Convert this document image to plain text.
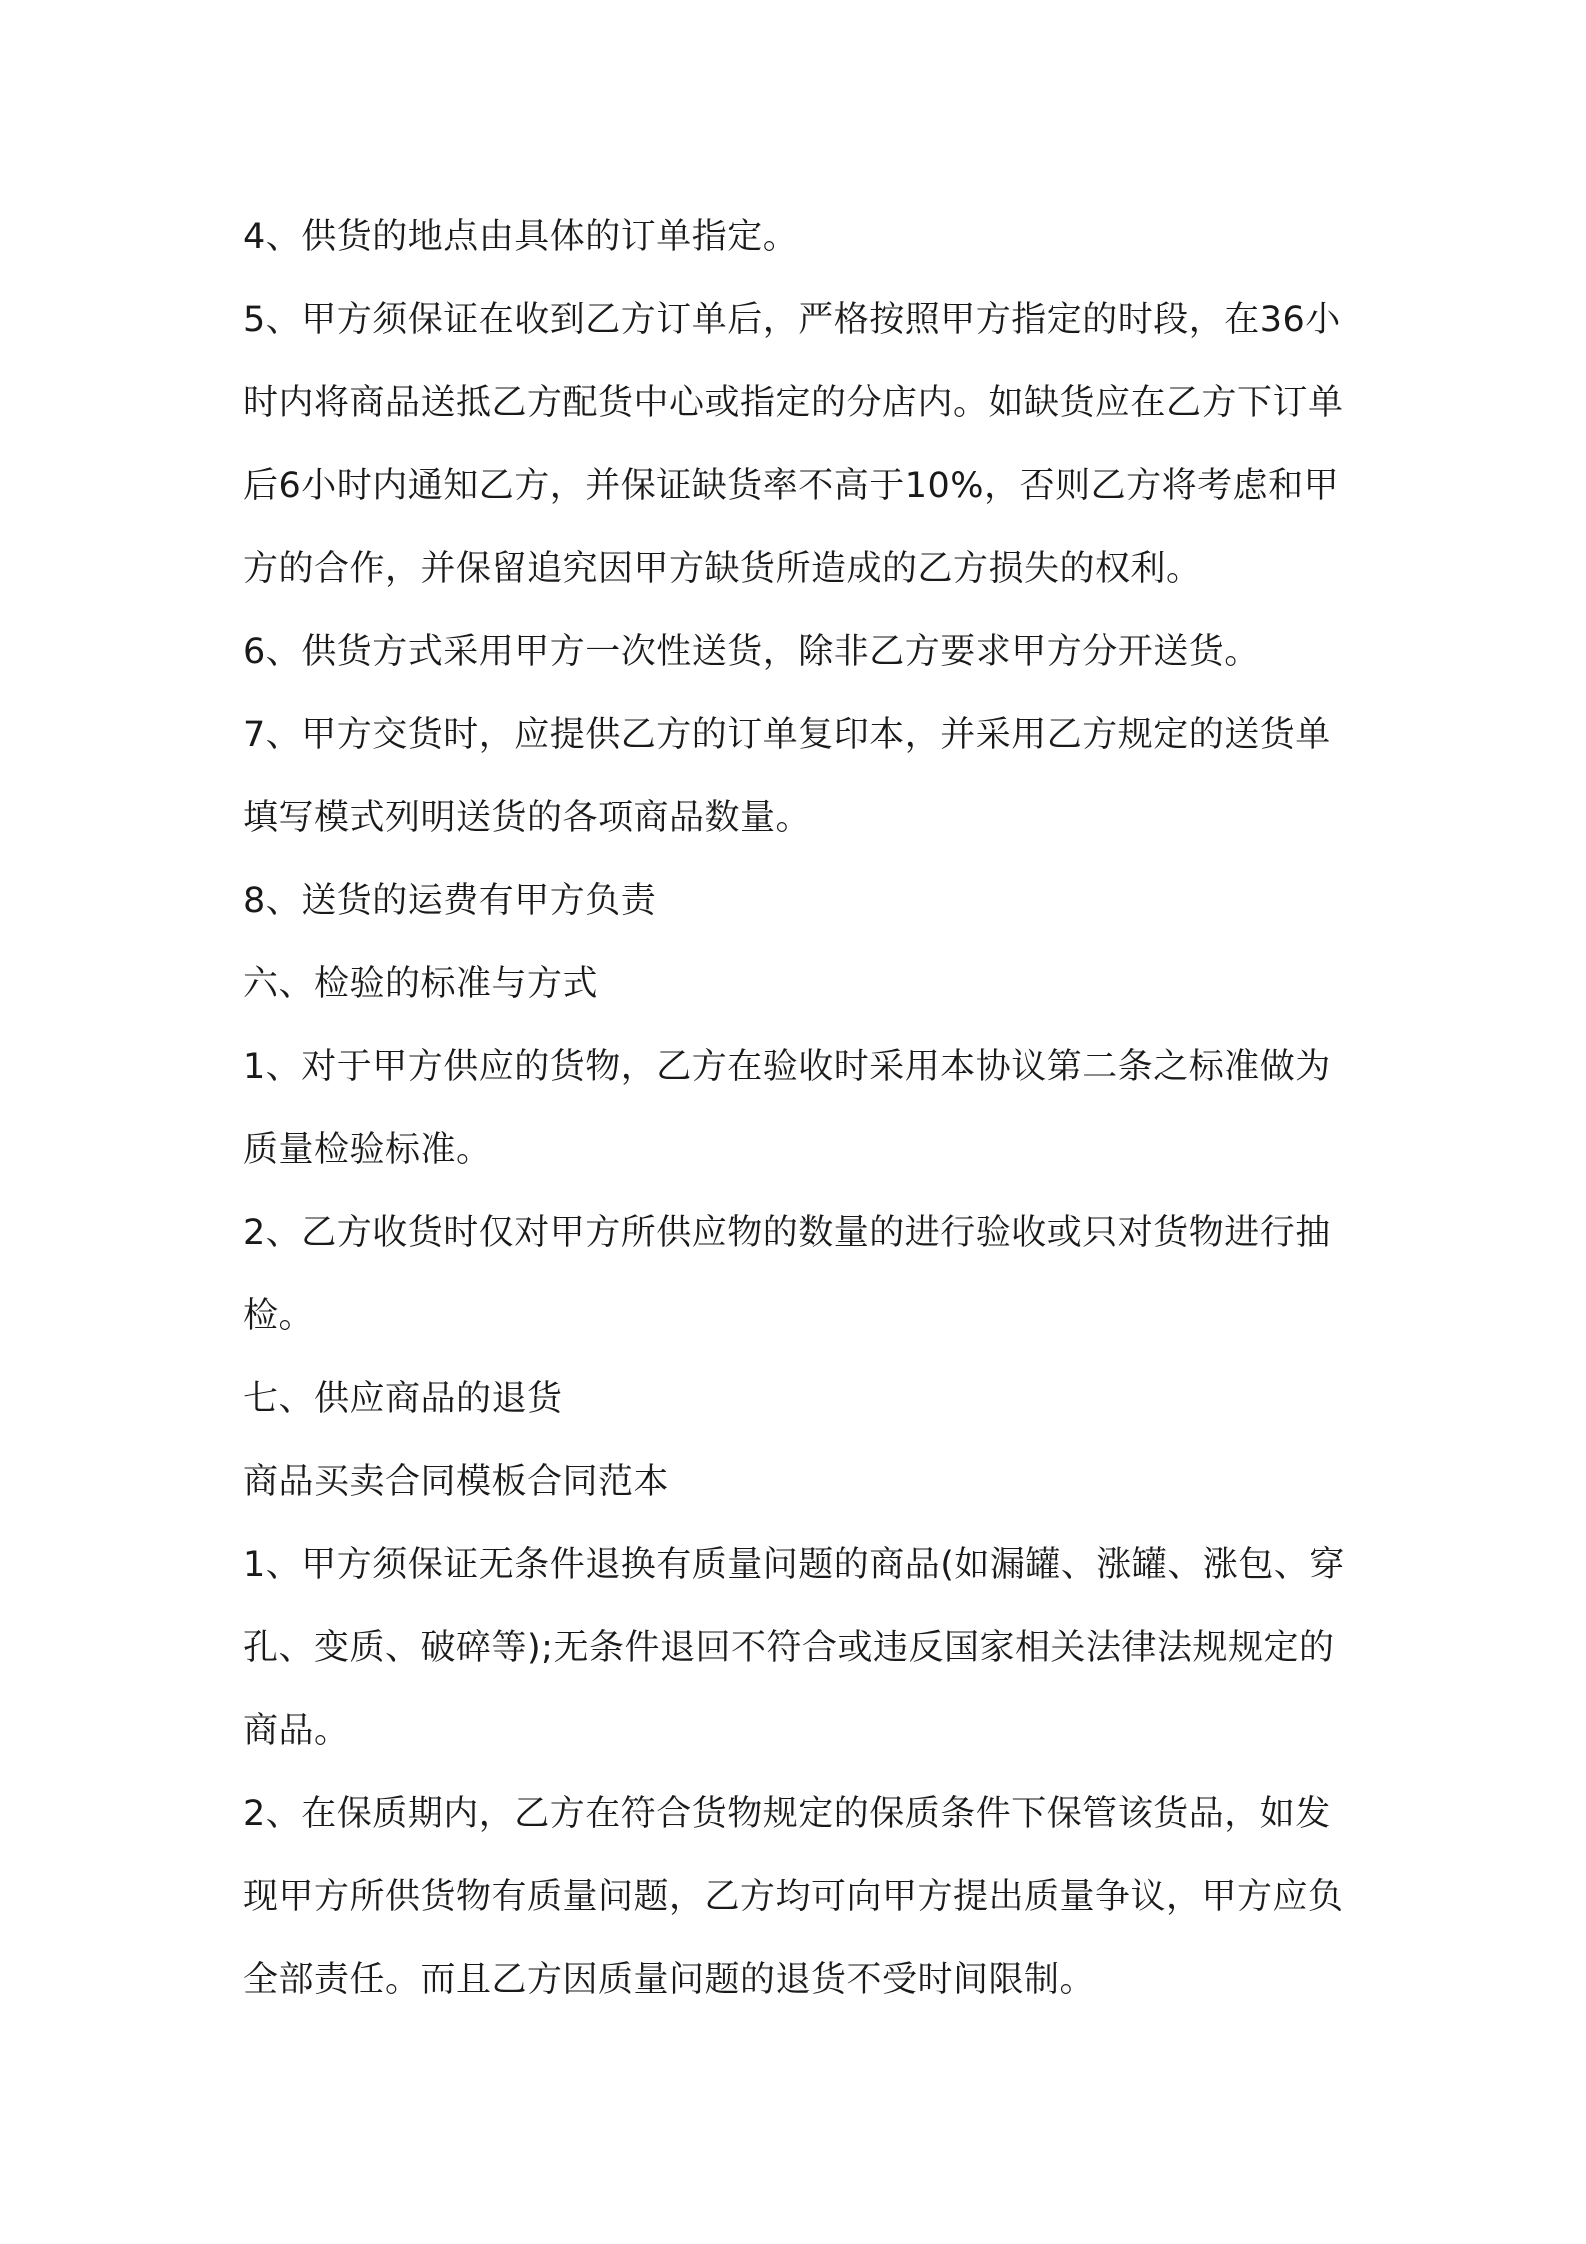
4、供货的地点由具体的订单指定。

5、甲方须保证在收到乙方订单后，严格按照甲方指定的时段，在36小时内将商品送抵乙方配货中心或指定的分店内。如缺货应在乙方下订单后6小时内通知乙方，并保证缺货率不高于10%，否则乙方将考虑和甲方的合作，并保留追究因甲方缺货所造成的乙方损失的权利。

6、供货方式采用甲方一次性送货，除非乙方要求甲方分开送货。

7、甲方交货时，应提供乙方的订单复印本，并采用乙方规定的送货单填写模式列明送货的各项商品数量。

8、送货的运费有甲方负责

六、检验的标准与方式

1、对于甲方供应的货物，乙方在验收时采用本协议第二条之标准做为质量检验标准。

2、乙方收货时仅对甲方所供应物的数量的进行验收或只对货物进行抽检。

七、供应商品的退货

商品买卖合同模板合同范本

1、甲方须保证无条件退换有质量问题的商品(如漏罐、涨罐、涨包、穿孔、变质、破碎等);无条件退回不符合或违反国家相关法律法规规定的商品。

2、在保质期内，乙方在符合货物规定的保质条件下保管该货品，如发现甲方所供货物有质量问题，乙方均可向甲方提出质量争议，甲方应负全部责任。而且乙方因质量问题的退货不受时间限制。
